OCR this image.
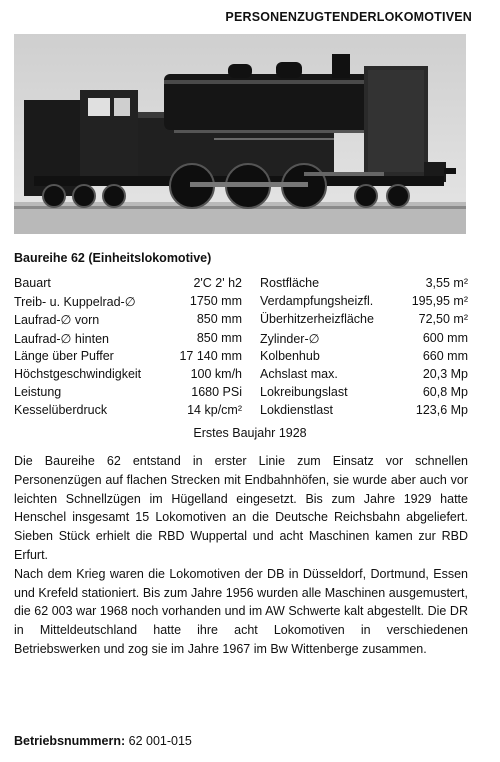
PERSONENZUGTENDERLOKOMOTIVEN
Baureihe 62 (Einheitslokomotive)
Bauart	2'C 2' h2		Rostfläche	3,55 m²
Treib- u. Kuppelrad-∅	1750 mm		Verdampfungsheizfl.	195,95 m²
Laufrad-∅ vorn	850 mm		Überhitzerheizfläche	72,50 m²
Laufrad-∅ hinten	850 mm		Zylinder-∅	600 mm
Länge über Puffer	17 140 mm		Kolbenhub	660 mm
Höchstgeschwindigkeit	100 km/h		Achslast max.	20,3 Mp
Leistung	1680 PSi		Lokreibungslast	60,8 Mp
Kesselüberdruck	14 kp/cm²		Lokdienstlast	123,6 Mp
Erstes Baujahr 1928

Die Baureihe 62 entstand in erster Linie zum Einsatz vor schnellen Personenzügen auf flachen Strecken mit Endbahnhöfen, sie wurde aber auch vor leichten Schnellzügen im Hügelland eingesetzt. Bis zum Jahre 1929 hatte Henschel insgesamt 15 Lokomotiven an die Deutsche Reichsbahn abgeliefert. Sieben Stück erhielt die RBD Wuppertal und acht Maschinen kamen zur RBD Erfurt.

Nach dem Krieg waren die Lokomotiven der DB in Düsseldorf, Dortmund, Essen und Krefeld stationiert. Bis zum Jahre 1956 wurden alle Maschinen ausgemustert, die 62 003 war 1968 noch vorhanden und im AW Schwerte kalt abgestellt. Die DR in Mitteldeutschland hatte ihre acht Lokomotiven in verschiedenen Betriebswerken und zog sie im Jahre 1967 im Bw Wittenberge zusammen.

Betriebsnummern: 62 001-015
